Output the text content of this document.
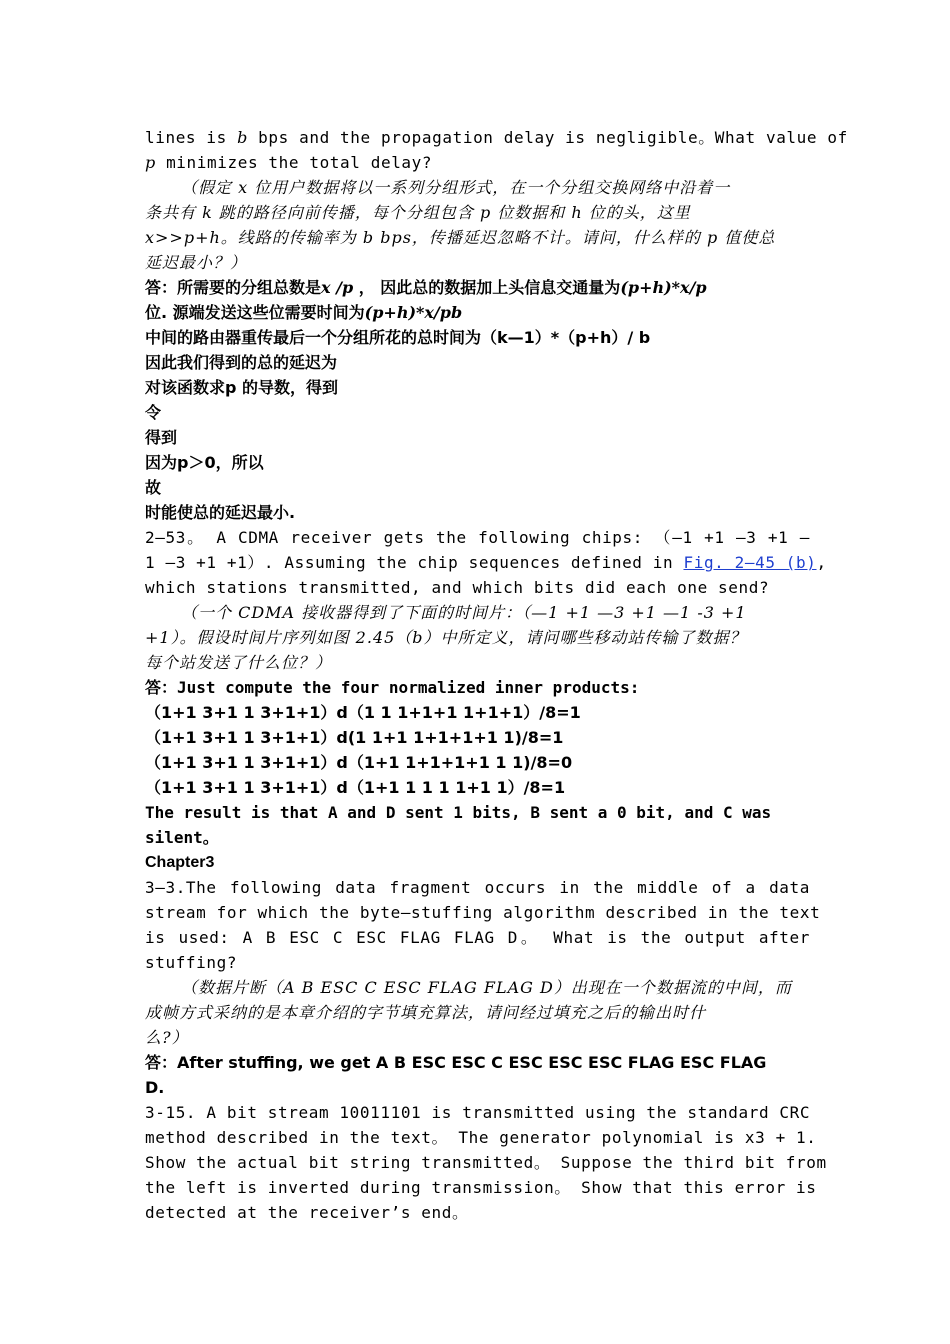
lines is b bps and the propagation delay is negligible。What value of
p minimizes the total delay?
（假定 x 位用户数据将以一系列分组形式，在一个分组交换网络中沿着一
条共有 k 跳的路径向前传播，每个分组包含 p 位数据和 h 位的头，这里
x>>p+h。线路的传输率为 b bps，传播延迟忽略不计。请问，什么样的 p 值使总
延迟最小？）
答：所需要的分组总数是x /p ， 因此总的数据加上头信息交通量为(p+h)*x/p
位. 源端发送这些位需要时间为(p+h)*x/pb
中间的路由器重传最后一个分组所花的总时间为（k—1）*（p+h）/ b
因此我们得到的总的延迟为
对该函数求p 的导数，得到
令
得到
因为p＞0，所以
故
时能使总的延迟最小.
2—53。 A CDMA receiver gets the following chips: （—1 +1 —3 +1 —
1 —3 +1 +1）. Assuming the chip sequences defined in Fig. 2—45 (b),
which stations transmitted, and which bits did each one send?
（一个 CDMA 接收器得到了下面的时间片：（—1 +1 —3 +1 —1 -3 +1
+1）。假设时间片序列如图 2.45（b）中所定义，请问哪些移动站传输了数据？
每个站发送了什么位？）
答：Just compute the four normalized inner products:
（1+1 3+1 1 3+1+1）d（1 1 1+1+1 1+1+1）/8=1
（1+1 3+1 1 3+1+1）d(1 1+1 1+1+1+1 1)/8=1
（1+1 3+1 1 3+1+1）d（1+1 1+1+1+1 1 1)/8=0
（1+1 3+1 1 3+1+1）d（1+1 1 1 1 1+1 1）/8=1
The result is that A and D sent 1 bits, B sent a 0 bit, and C was
silent。
Chapter3
3—3.The following data fragment occurs in the middle of a data
stream for which the byte—stuffing algorithm described in the text
is used: A B ESC C ESC FLAG FLAG D。 What is the output after
stuffing?
（数据片断（A B ESC C ESC FLAG FLAG D）出现在一个数据流的中间，而
成帧方式采纳的是本章介绍的字节填充算法，请问经过填充之后的输出时什
么?）
答：After stuffing, we get A B ESC ESC C ESC ESC ESC FLAG ESC FLAG
D.
3-15. A bit stream 10011101 is transmitted using the standard CRC
method described in the text。 The generator polynomial is x3 + 1.
Show the actual bit string transmitted。 Suppose the third bit from
the left is inverted during transmission。 Show that this error is
detected at the receiver’s end。
